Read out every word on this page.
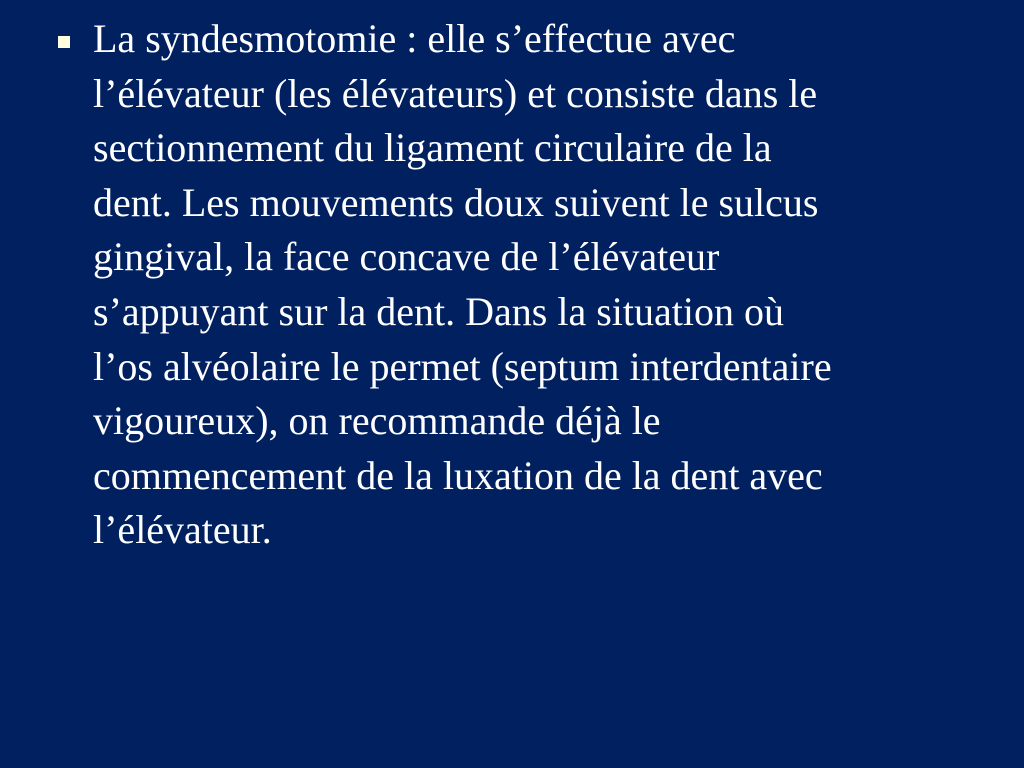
La syndesmotomie : elle s’effectue avec
l’élévateur (les élévateurs) et consiste dans le
sectionnement du ligament circulaire de la
dent. Les mouvements doux suivent le sulcus
gingival, la face concave de l’élévateur
s’appuyant sur la dent. Dans la situation où
l’os alvéolaire le permet (septum interdentaire
vigoureux), on recommande déjà le
commencement de la luxation de la dent avec
l’élévateur.
